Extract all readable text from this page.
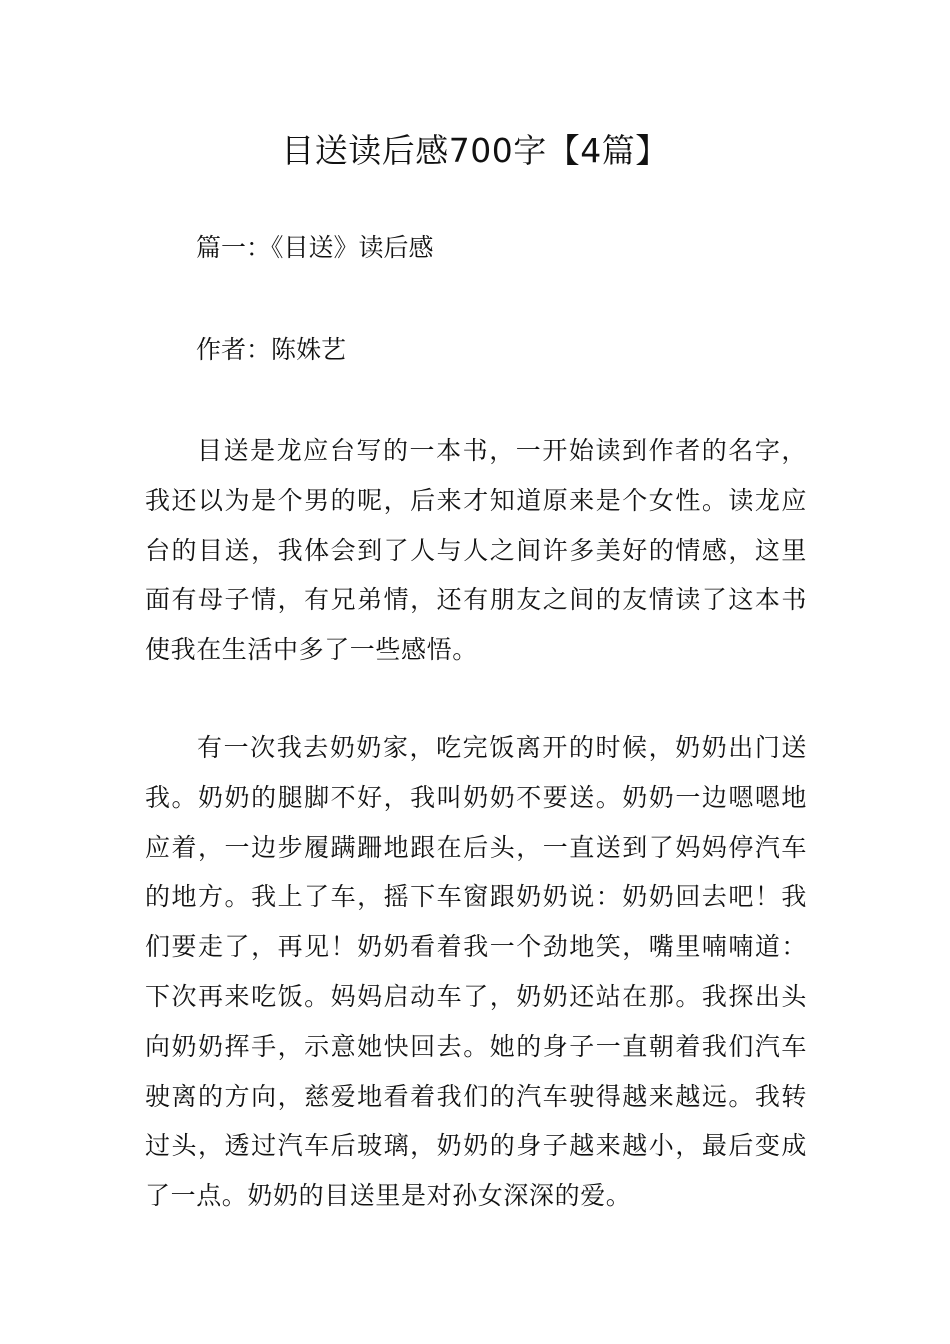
目送读后感700字【4篇】

篇一：《目送》读后感

作者：陈姝艺

目送是龙应台写的一本书，一开始读到作者的名字，我还以为是个男的呢，后来才知道原来是个女性。读龙应台的目送，我体会到了人与人之间许多美好的情感，这里面有母子情，有兄弟情，还有朋友之间的友情读了这本书使我在生活中多了一些感悟。

有一次我去奶奶家，吃完饭离开的时候，奶奶出门送我。奶奶的腿脚不好，我叫奶奶不要送。奶奶一边嗯嗯地应着，一边步履蹒跚地跟在后头，一直送到了妈妈停汽车的地方。我上了车，摇下车窗跟奶奶说：奶奶回去吧！我们要走了，再见！奶奶看着我一个劲地笑，嘴里喃喃道：下次再来吃饭。妈妈启动车了，奶奶还站在那。我探出头向奶奶挥手，示意她快回去。她的身子一直朝着我们汽车驶离的方向，慈爱地看着我们的汽车驶得越来越远。我转过头，透过汽车后玻璃，奶奶的身子越来越小，最后变成了一点。奶奶的目送里是对孙女深深的爱。
